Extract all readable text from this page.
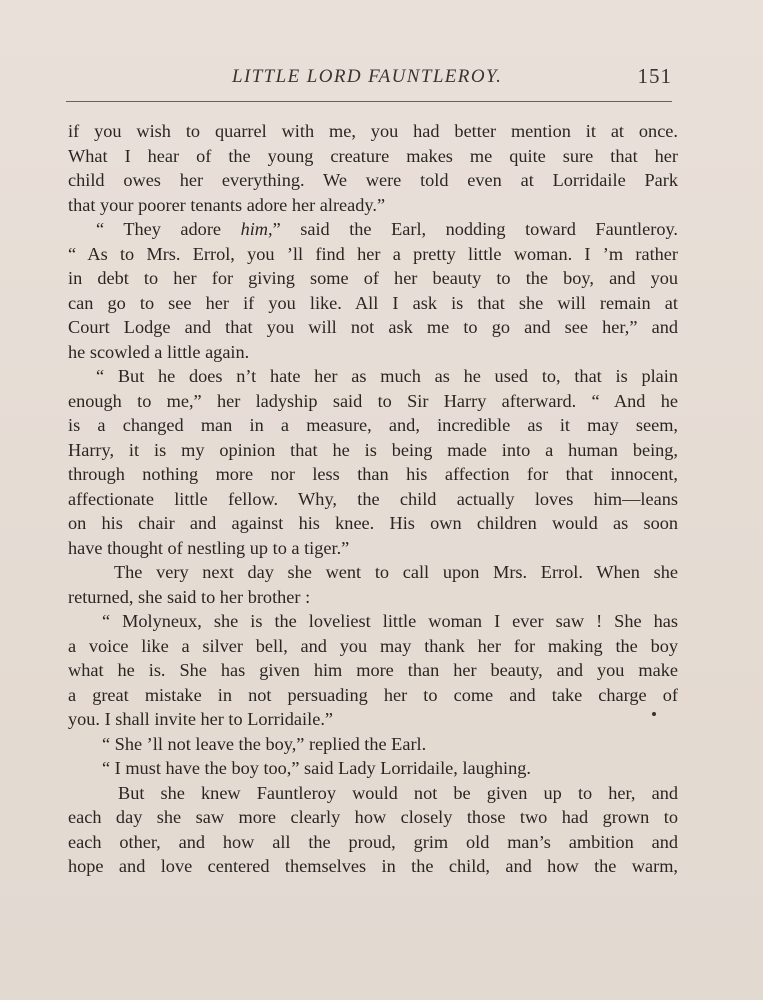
LITTLE LORD FAUNTLEROY.	151
if you wish to quarrel with me, you had better mention it at once.
What I hear of the young creature makes me quite sure that her
child owes her everything. We were told even at Lorridaile Park
that your poorer tenants adore her already.”
“ They adore him,” said the Earl, nodding toward Fauntleroy.
“ As to Mrs. Errol, you ’ll find her a pretty little woman. I ’m rather
in debt to her for giving some of her beauty to the boy, and you
can go to see her if you like. All I ask is that she will remain at
Court Lodge and that you will not ask me to go and see her,” and
he scowled a little again.
“ But he does n’t hate her as much as he used to, that is plain
enough to me,” her ladyship said to Sir Harry afterward. “ And he
is a changed man in a measure, and, incredible as it may seem,
Harry, it is my opinion that he is being made into a human being,
through nothing more nor less than his affection for that innocent,
affectionate little fellow. Why, the child actually loves him—leans
on his chair and against his knee. His own children would as soon
have thought of nestling up to a tiger.”
The very next day she went to call upon Mrs. Errol. When she
returned, she said to her brother :
“ Molyneux, she is the loveliest little woman I ever saw ! She has
a voice like a silver bell, and you may thank her for making the boy
what he is. She has given him more than her beauty, and you make
a great mistake in not persuading her to come and take charge of
you. I shall invite her to Lorridaile.”
“ She ’ll not leave the boy,” replied the Earl.
“ I must have the boy too,” said Lady Lorridaile, laughing.
But she knew Fauntleroy would not be given up to her, and
each day she saw more clearly how closely those two had grown to
each other, and how all the proud, grim old man’s ambition and
hope and love centered themselves in the child, and how the warm,
